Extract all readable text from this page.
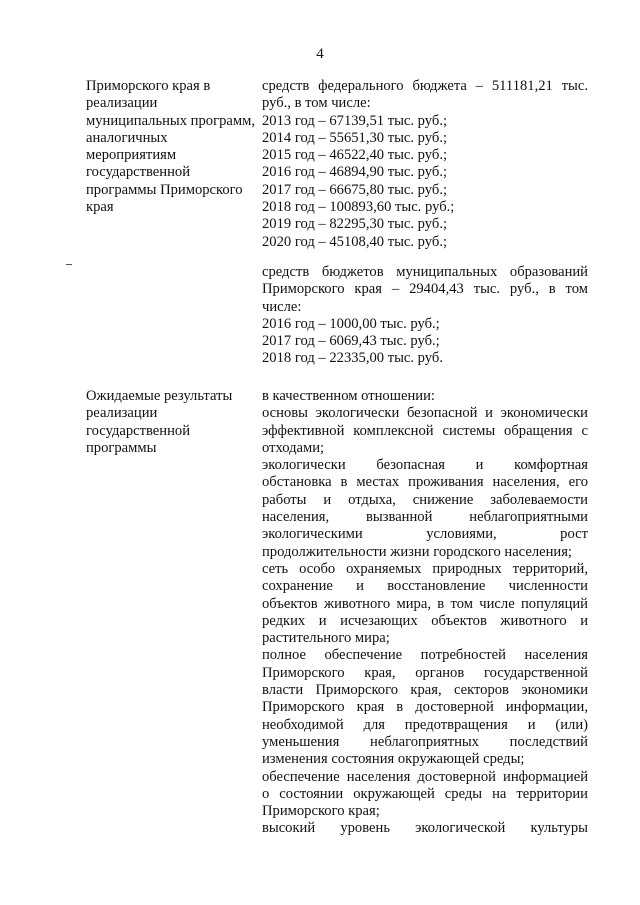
4
Приморского края в
реализации
муниципальных программ,
аналогичных
мероприятиям
государственной
программы Приморского
края
средств федерального бюджета – 511181,21 тыс.
руб., в том числе:
2013 год – 67139,51 тыс. руб.;
2014 год – 55651,30 тыс. руб.;
2015 год – 46522,40 тыс. руб.;
2016 год – 46894,90 тыс. руб.;
2017 год – 66675,80 тыс. руб.;
2018 год – 100893,60 тыс. руб.;
2019 год – 82295,30 тыс. руб.;
2020 год – 45108,40 тыс. руб.;
средств бюджетов муниципальных образований
Приморского края – 29404,43 тыс. руб., в том
числе:
2016 год – 1000,00 тыс. руб.;
2017 год – 6069,43 тыс. руб.;
2018 год – 22335,00 тыс. руб.
Ожидаемые результаты
реализации
государственной
программы
в качественном отношении:
основы экологически безопасной и экономически
эффективной комплексной системы обращения с
отходами;
экологически безопасная и комфортная
обстановка в местах проживания населения, его
работы и отдыха, снижение заболеваемости
населения, вызванной неблагоприятными
экологическими условиями, рост
продолжительности жизни городского населения;
сеть особо охраняемых природных территорий,
сохранение и восстановление численности
объектов животного мира, в том числе популяций
редких и исчезающих объектов животного и
растительного мира;
полное обеспечение потребностей населения
Приморского края, органов государственной
власти Приморского края, секторов экономики
Приморского края в достоверной информации,
необходимой для предотвращения и (или)
уменьшения неблагоприятных последствий
изменения состояния окружающей среды;
обеспечение населения достоверной информацией
о состоянии окружающей среды на территории
Приморского края;
высокий уровень экологической культуры
